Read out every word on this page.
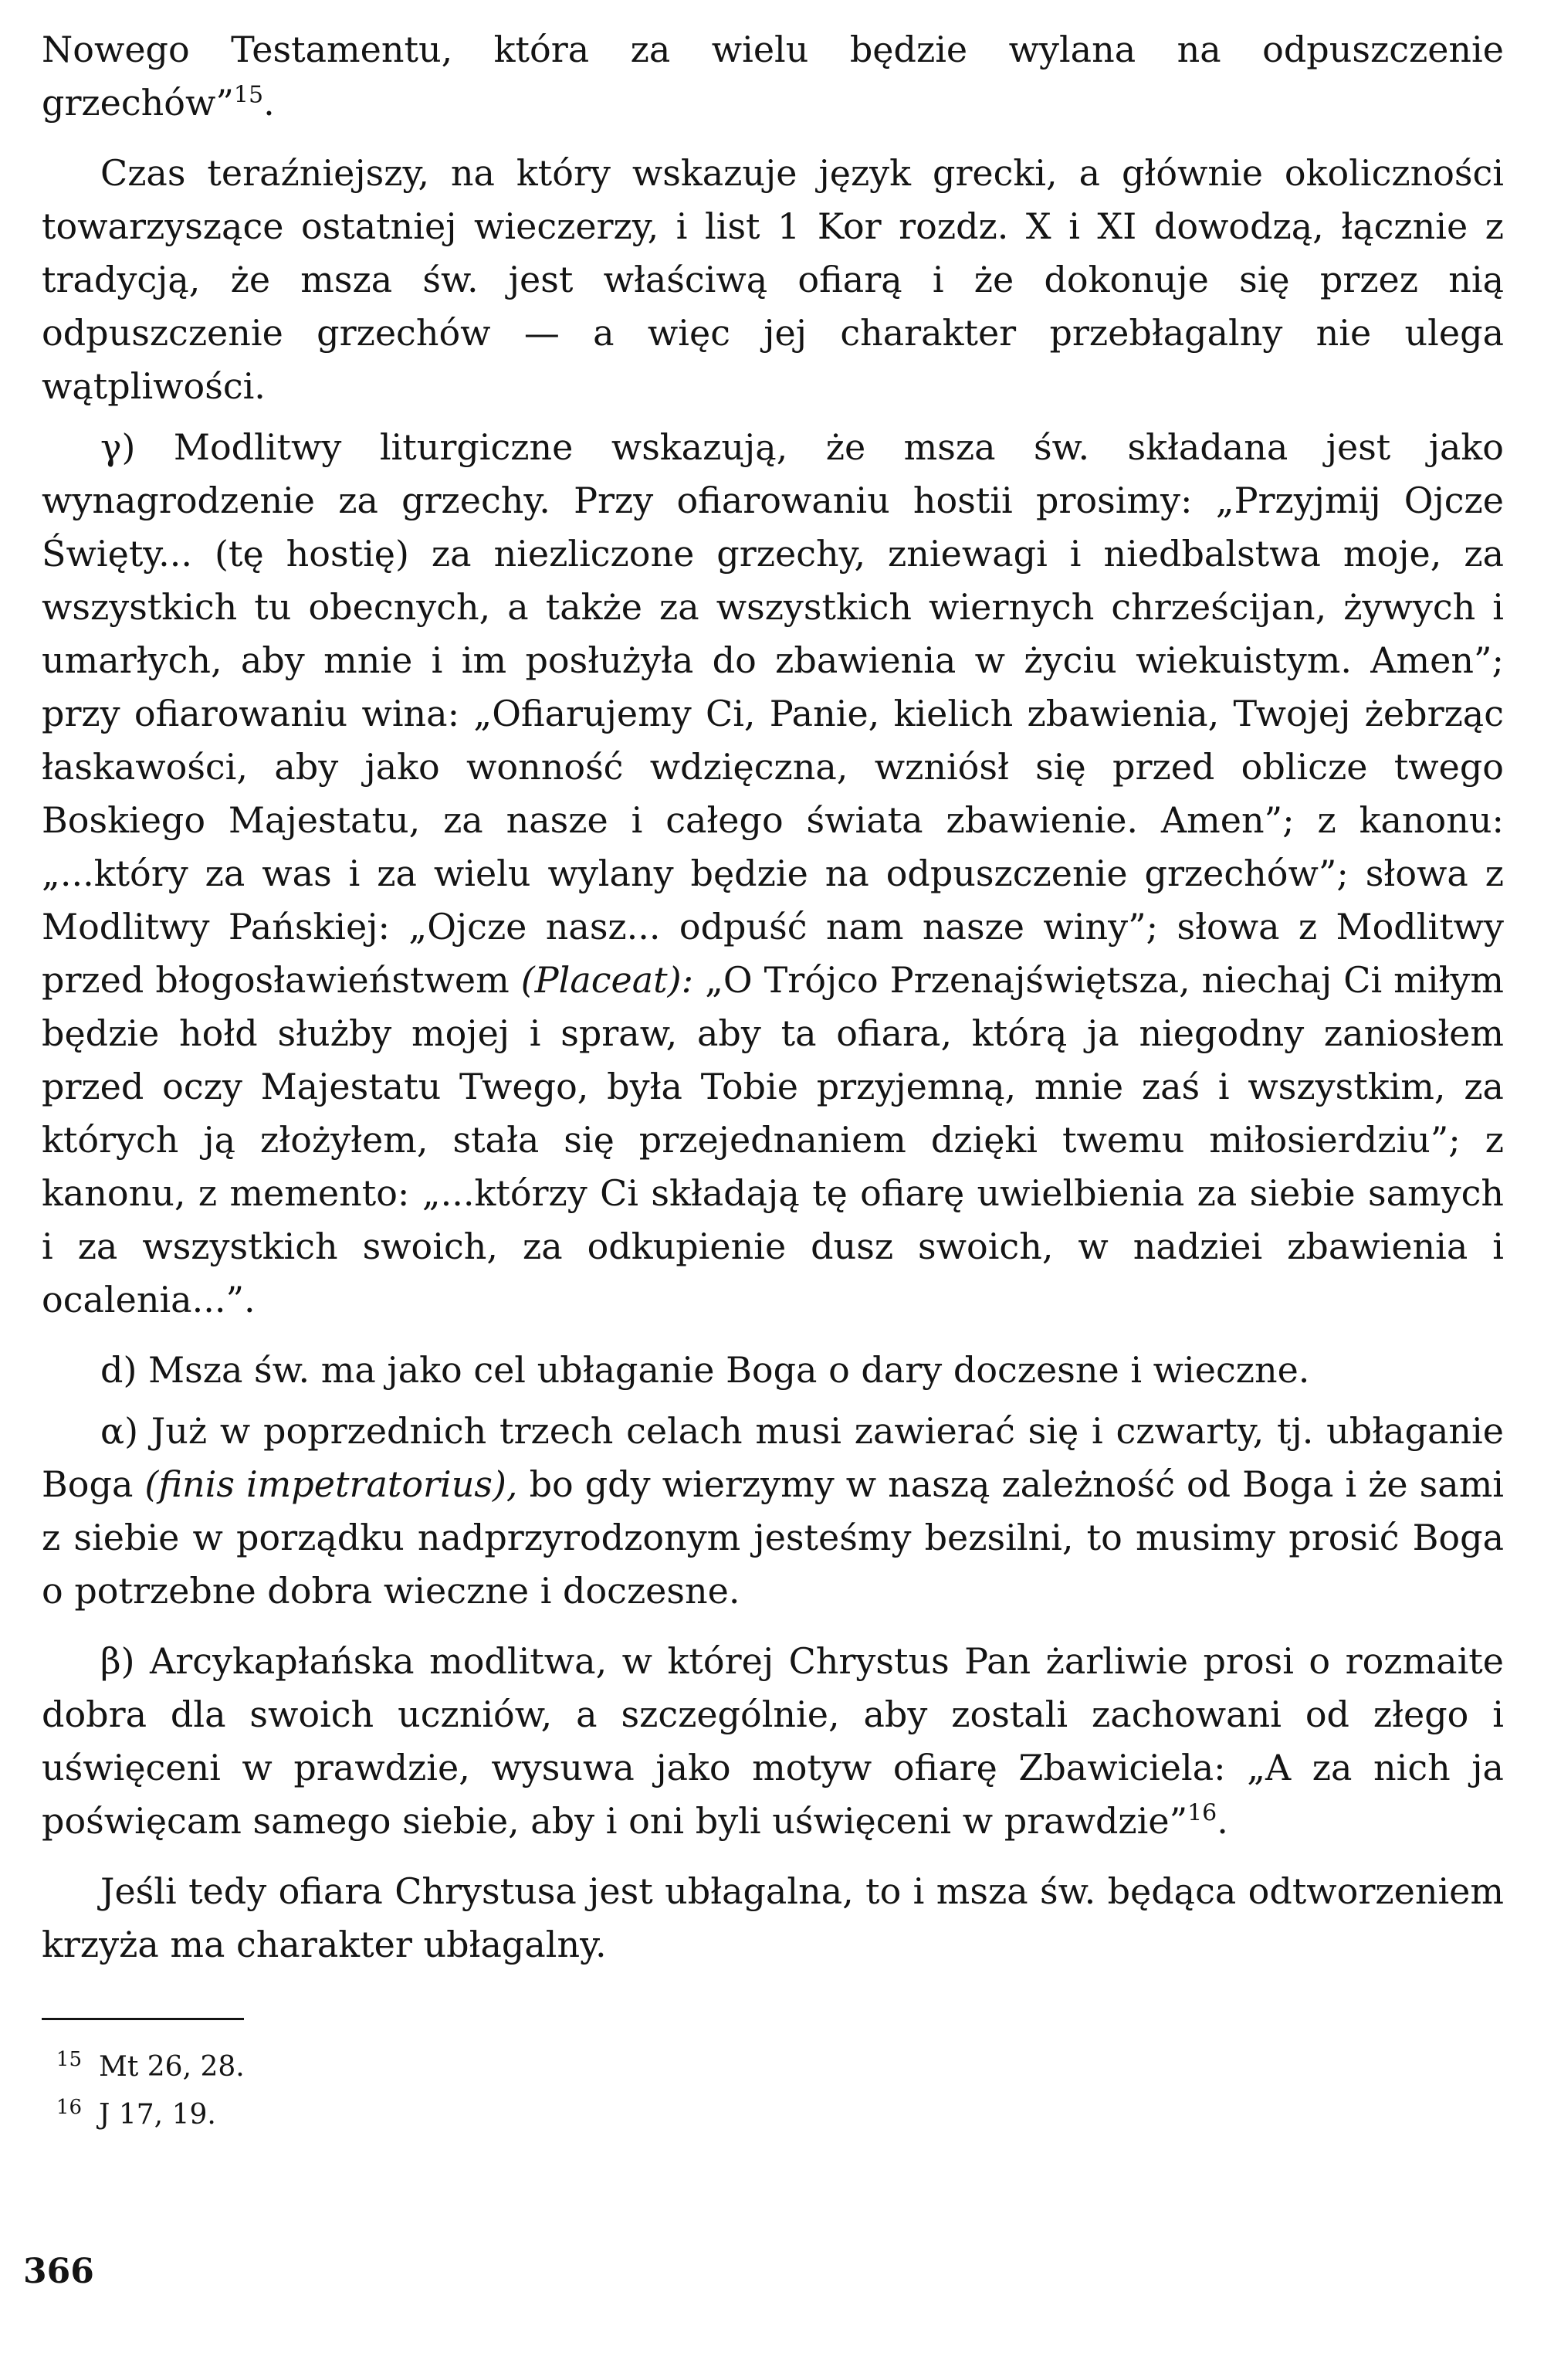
Nowego Testamentu, która za wielu będzie wylana na odpuszczenie grzechów”$^{15}$.

Czas teraźniejszy, na który wskazuje język grecki, a głównie okoliczności towarzyszące ostatniej wieczerzy, i list 1 Kor rozdz. X i XI dowodzą, łącznie z tradycją, że msza św. jest właściwą ofiarą i że dokonuje się przez nią odpuszczenie grzechów — a więc jej charakter przebłagalny nie ulega wątpliwości.

γ) Modlitwy liturgiczne wskazują, że msza św. składana jest jako wynagrodzenie za grzechy. Przy ofiarowaniu hostii prosimy: „Przyjmij Ojcze Święty... (tę hostię) za niezliczone grzechy, zniewagi i niedbalstwa moje, za wszystkich tu obecnych, a także za wszystkich wiernych chrześcijan, żywych i umarłych, aby mnie i im posłużyła do zbawienia w życiu wiekuistym. Amen”; przy ofiarowaniu wina: „Ofiarujemy Ci, Panie, kielich zbawienia, Twojej żebrząc łaskawości, aby jako wonność wdzięczna, wzniósł się przed oblicze twego Boskiego Majestatu, za nasze i całego świata zbawienie. Amen”; z kanonu: „...który za was i za wielu wylany będzie na odpuszczenie grzechów”; słowa z Modlitwy Pańskiej: „Ojcze nasz... odpuść nam nasze winy”; słowa z Modlitwy przed błogosławieństwem (Placeat): „O Trójco Przenajświętsza, niechaj Ci miłym będzie hołd służby mojej i spraw, aby ta ofiara, którą ja niegodny zaniosłem przed oczy Majestatu Twego, była Tobie przyjemną, mnie zaś i wszystkim, za których ją złożyłem, stała się przejednaniem dzięki twemu miłosierdziu”; z kanonu, z memento: „...którzy Ci składają tę ofiarę uwielbienia za siebie samych i za wszystkich swoich, za odkupienie dusz swoich, w nadziei zbawienia i ocalenia...”.

d) Msza św. ma jako cel ubłaganie Boga o dary doczesne i wieczne.

α) Już w poprzednich trzech celach musi zawierać się i czwarty, tj. ubłaganie Boga (finis impetratorius), bo gdy wierzymy w naszą zależność od Boga i że sami z siebie w porządku nadprzyrodzonym jesteśmy bezsilni, to musimy prosić Boga o potrzebne dobra wieczne i doczesne.

β) Arcykapłańska modlitwa, w której Chrystus Pan żarliwie prosi o rozmaite dobra dla swoich uczniów, a szczególnie, aby zostali zachowani od złego i uświęceni w prawdzie, wysuwa jako motyw ofiarę Zbawiciela: „A za nich ja poświęcam samego siebie, aby i oni byli uświęceni w prawdzie”$^{16}$.

Jeśli tedy ofiara Chrystusa jest ubłagalna, to i msza św. będąca odtworzeniem krzyża ma charakter ubłagalny.

15 Mt 26, 28.

16 J 17, 19.

366
